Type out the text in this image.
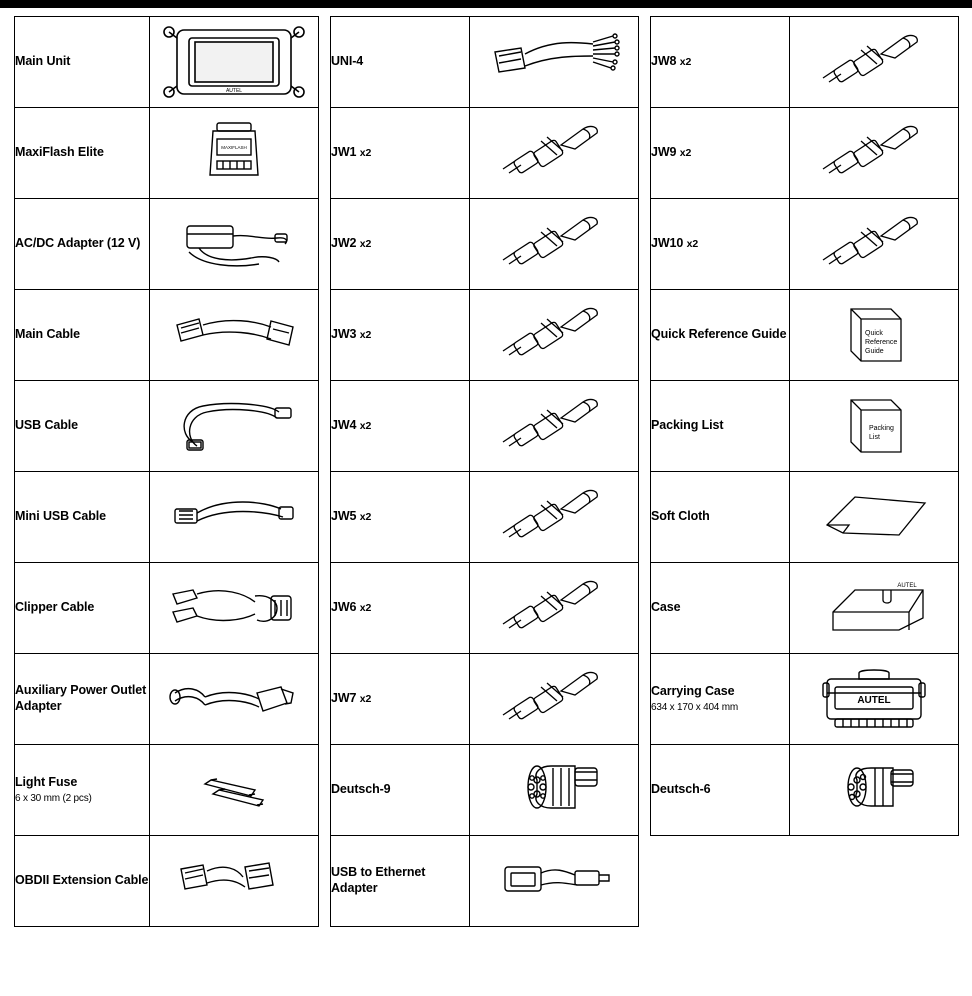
Main Unit	AUTEL

MaxiFlash Elite	MAXIFLASH

AC/DC Adapter (12 V)	

Main Cable	

USB Cable	

Mini USB Cable	

Clipper Cable	

Auxiliary Power Outlet Adapter	

Light Fuse
6 x 30 mm (2 pcs)

OBDII Extension Cable	
UNI-4	

JW1 x2	

JW2 x2	

JW3 x2	

JW4 x2	

JW5 x2	

JW6 x2	

JW7 x2	

Deutsch-9	

USB to Ethernet Adapter	
JW8 x2	

JW9 x2	

JW10 x2	

Quick Reference Guide	Quick
Reference
Guide

Packing List	Packing
List

Soft Cloth	

Case	AUTEL

Carrying Case
634 x 170 x 404 mm	AUTEL

Deutsch-6	
